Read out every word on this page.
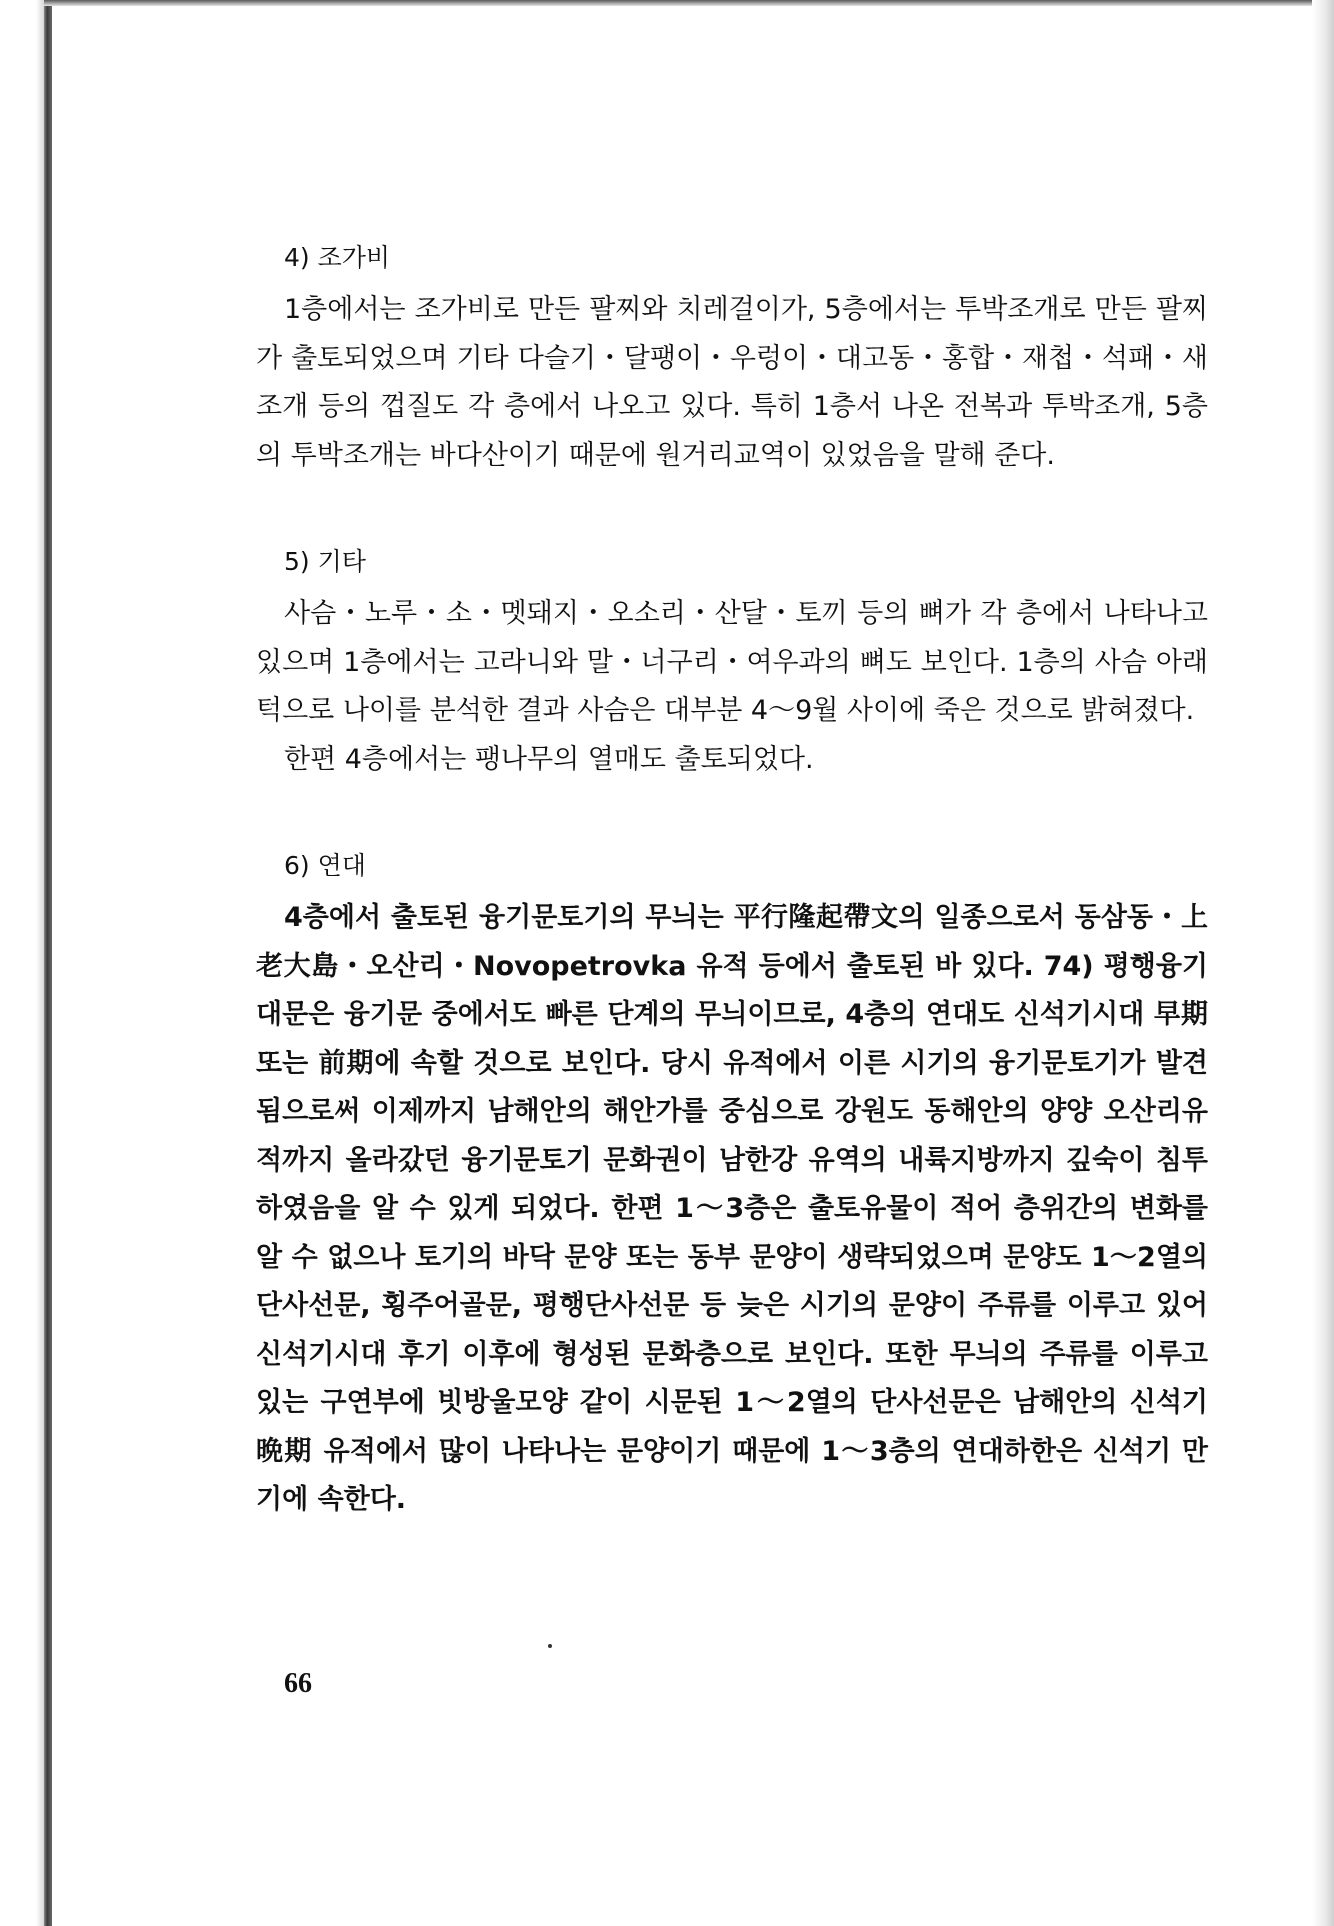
4) 조가비

1층에서는 조가비로 만든 팔찌와 치레걸이가, 5층에서는 투박조개로 만든 팔찌가 출토되었으며 기타 다슬기・달팽이・우렁이・대고동・홍합・재첩・석패・새조개 등의 껍질도 각 층에서 나오고 있다. 특히 1층서 나온 전복과 투박조개, 5층의 투박조개는 바다산이기 때문에 원거리교역이 있었음을 말해 준다.

5) 기타

사슴・노루・소・멧돼지・오소리・산달・토끼 등의 뼈가 각 층에서 나타나고 있으며 1층에서는 고라니와 말・너구리・여우과의 뼈도 보인다. 1층의 사슴 아래턱으로 나이를 분석한 결과 사슴은 대부분 4～9월 사이에 죽은 것으로 밝혀졌다.

한편 4층에서는 팽나무의 열매도 출토되었다.

6) 연대

4층에서 출토된 융기문토기의 무늬는 平行隆起帶文의 일종으로서 동삼동・上老大島・오산리・Novopetrovka 유적 등에서 출토된 바 있다. 74) 평행융기대문은 융기문 중에서도 빠른 단계의 무늬이므로, 4층의 연대도 신석기시대 早期 또는 前期에 속할 것으로 보인다. 당시 유적에서 이른 시기의 융기문토기가 발견됨으로써 이제까지 남해안의 해안가를 중심으로 강원도 동해안의 양양 오산리유적까지 올라갔던 융기문토기 문화권이 남한강 유역의 내륙지방까지 깊숙이 침투하였음을 알 수 있게 되었다. 한편 1～3층은 출토유물이 적어 층위간의 변화를 알 수 없으나 토기의 바닥 문양 또는 동부 문양이 생략되었으며 문양도 1～2열의 단사선문, 횡주어골문, 평행단사선문 등 늦은 시기의 문양이 주류를 이루고 있어 신석기시대 후기 이후에 형성된 문화층으로 보인다. 또한 무늬의 주류를 이루고 있는 구연부에 빗방울모양 같이 시문된 1～2열의 단사선문은 남해안의 신석기 晩期 유적에서 많이 나타나는 문양이기 때문에 1～3층의 연대하한은 신석기 만기에 속한다.

66
